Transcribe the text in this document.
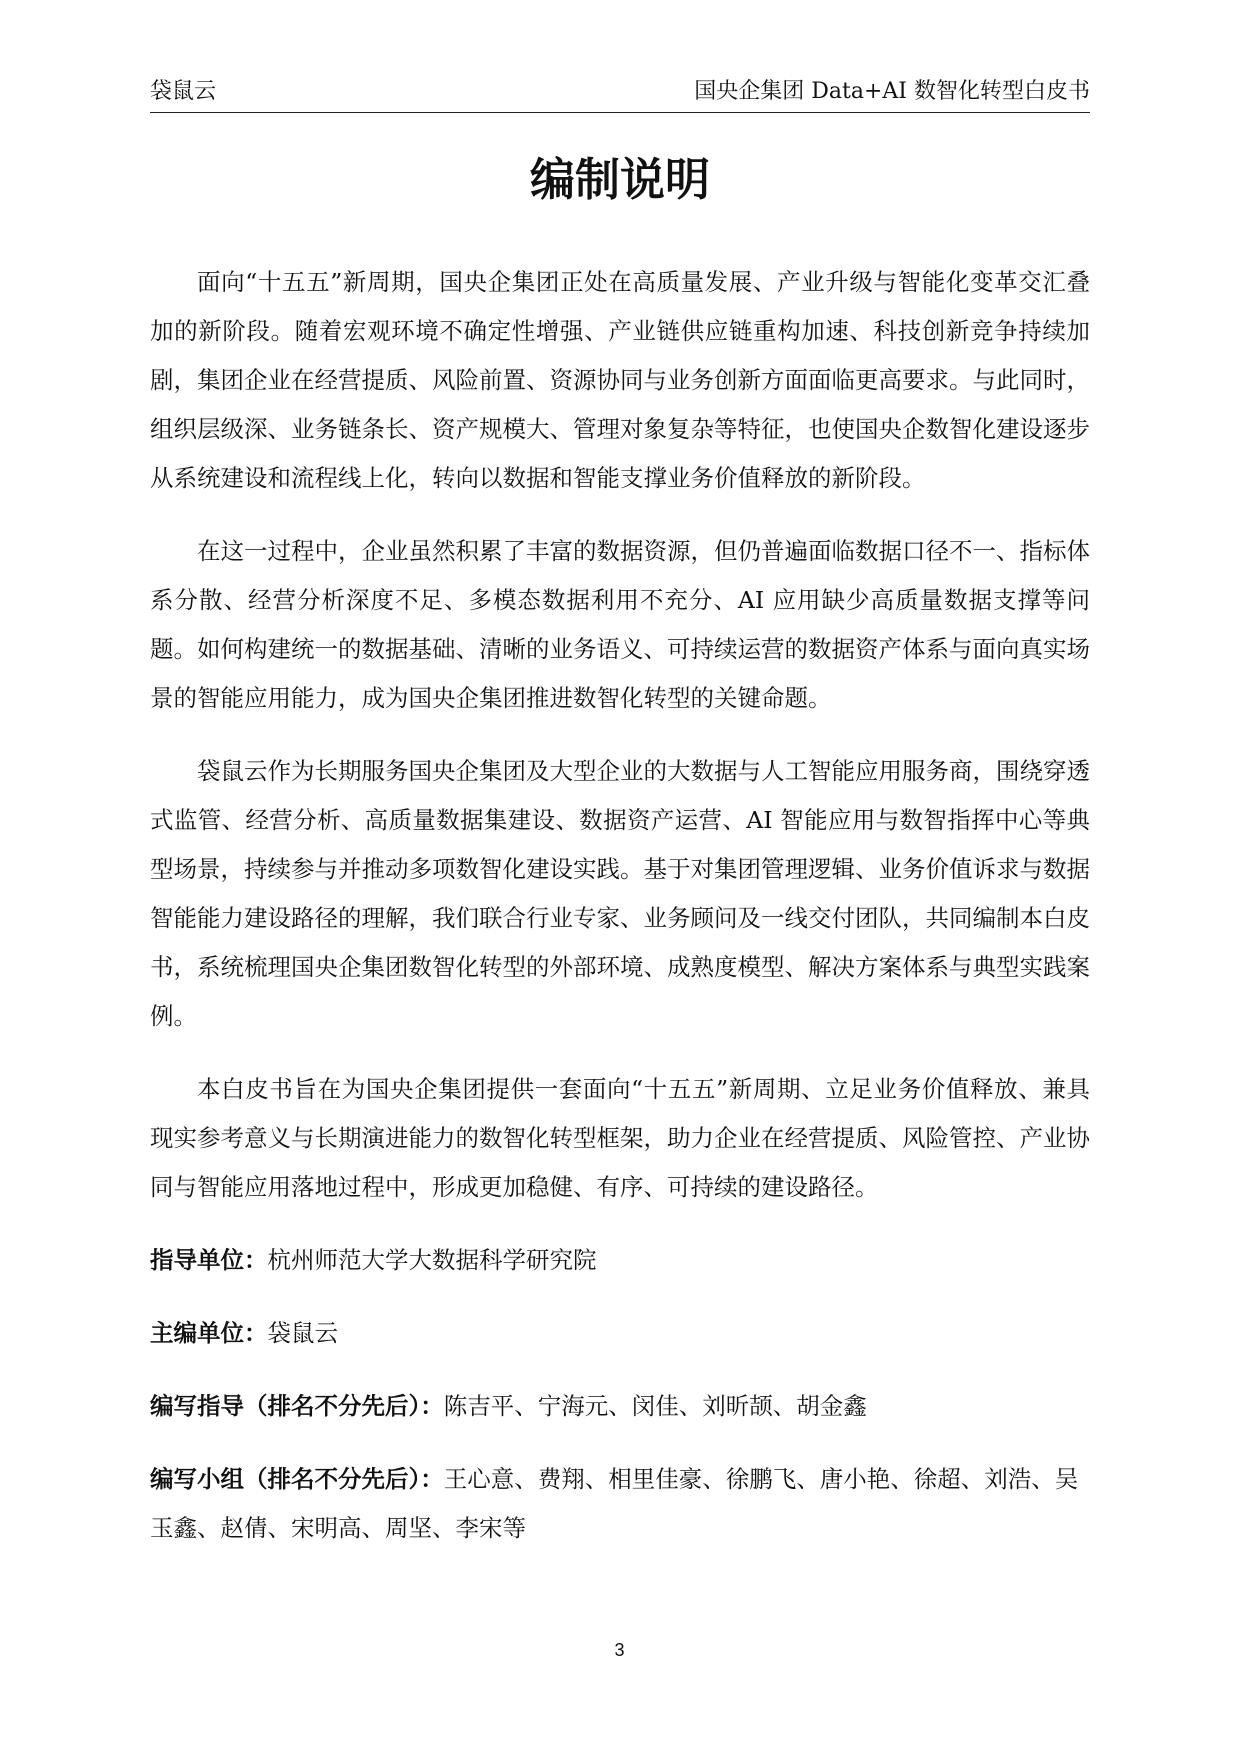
袋鼠云	国央企集团 Data+AI 数智化转型白皮书
编制说明

面向“十五五”新周期，国央企集团正处在高质量发展、产业升级与智能化变革交汇叠加的新阶段。随着宏观环境不确定性增强、产业链供应链重构加速、科技创新竞争持续加剧，集团企业在经营提质、风险前置、资源协同与业务创新方面面临更高要求。与此同时，组织层级深、业务链条长、资产规模大、管理对象复杂等特征，也使国央企数智化建设逐步从系统建设和流程线上化，转向以数据和智能支撑业务价值释放的新阶段。

在这一过程中，企业虽然积累了丰富的数据资源，但仍普遍面临数据口径不一、指标体系分散、经营分析深度不足、多模态数据利用不充分、AI 应用缺少高质量数据支撑等问题。如何构建统一的数据基础、清晰的业务语义、可持续运营的数据资产体系与面向真实场景的智能应用能力，成为国央企集团推进数智化转型的关键命题。

袋鼠云作为长期服务国央企集团及大型企业的大数据与人工智能应用服务商，围绕穿透式监管、经营分析、高质量数据集建设、数据资产运营、AI 智能应用与数智指挥中心等典型场景，持续参与并推动多项数智化建设实践。基于对集团管理逻辑、业务价值诉求与数据智能能力建设路径的理解，我们联合行业专家、业务顾问及一线交付团队，共同编制本白皮书，系统梳理国央企集团数智化转型的外部环境、成熟度模型、解决方案体系与典型实践案例。

本白皮书旨在为国央企集团提供一套面向“十五五”新周期、立足业务价值释放、兼具现实参考意义与长期演进能力的数智化转型框架，助力企业在经营提质、风险管控、产业协同与智能应用落地过程中，形成更加稳健、有序、可持续的建设路径。

指导单位：杭州师范大学大数据科学研究院

主编单位：袋鼠云

编写指导（排名不分先后）：陈吉平、宁海元、闵佳、刘昕颉、胡金鑫

编写小组（排名不分先后）：王心意、费翔、相里佳豪、徐鹏飞、唐小艳、徐超、刘浩、吴玉鑫、赵倩、宋明高、周坚、李宋等

3
